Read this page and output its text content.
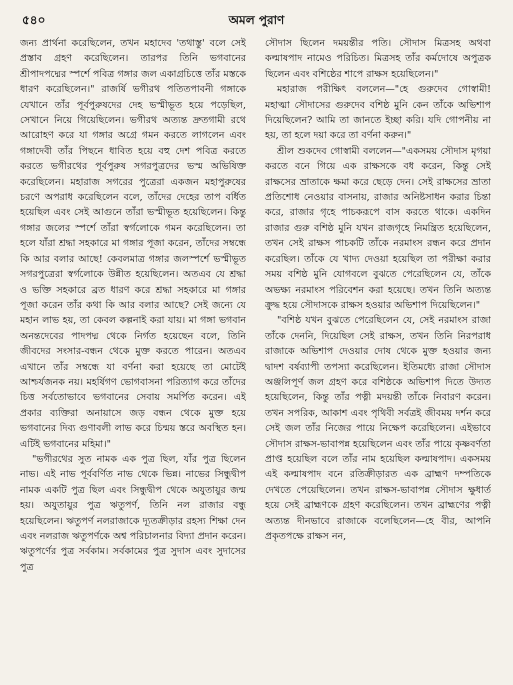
৫৪০	অমল পুরাণ

জন্য প্রার্থনা করেছিলেন, তখন মহাদেব 'তথাস্তু' বলে সেই প্রস্তাব গ্রহণ করেছিলেন। তারপর তিনি ভগবানের শ্রীপাদপদ্মের স্পর্শে পবিত্র গঙ্গার জল একাগ্রচিত্তে তাঁর মস্তকে ধারণ করেছিলেন।" রাজর্ষি ভগীরথ পতিতপাবনী গঙ্গাকে যেখানে তাঁর পূর্বপুরুষদের দেহ ভস্মীভূত হয়ে পড়েছিল, সেখানে নিয়ে গিয়েছিলেন। ভগীরথ অত্যন্ত দ্রুতগামী রথে আরোহণ করে যা গঙ্গার অগ্রে গমন করতে লাগলেন এবং গঙ্গাদেবী তাঁর পিছনে ধাবিত হয়ে বহু দেশ পবিত্র করতে করতে ভগীরথের পূর্বপুরুষ সগরপুত্রদের ভস্ম অভিষিক্ত করেছিলেন। মহারাজ সগরের পুত্রেরা একজন মহাপুরুষের চরণে অপরাধ করেছিলেন বলে, তাঁদের দেহের তাপ বর্ধিত হয়েছিল এবং সেই আগুনে তাঁরা ভস্মীভূত হয়েছিলেন। কিন্তু গঙ্গার জলের স্পর্শে তাঁরা স্বর্গলোকে গমন করেছিলেন। তা হলে যাঁরা শ্রদ্ধা সহকারে মা গঙ্গার পূজা করেন, তাঁদের সম্বন্ধে কি আর বলার আছে! কেবলমাত্র গঙ্গার জলস্পর্শে ভস্মীভূত সগরপুত্রেরা স্বর্গলোকে উন্নীত হয়েছিলেন। অতএব যে শ্রদ্ধা ও ভক্তি সহকারে ব্রত ধারণ করে শ্রদ্ধা সহকারে মা গঙ্গার পূজা করেন তাঁর কথা কি আর বলার আছে? সেই জন্যে যে মহান লাভ হয়, তা কেবল কল্পনাই করা যায়। মা গঙ্গা ভগবান অনন্তদেবের পাদপদ্ম থেকে নির্গত হয়েছেন বলে, তিনি জীবদের সংসার-বন্ধন থেকে মুক্ত করতে পারেন। অতএব এখানে তাঁর সম্বন্ধে যা বর্ণনা করা হয়েছে তা মোটেই আশ্চর্যজনক নয়। মহর্ষিগণ ভোগবাসনা পরিত্যাগ করে তাঁদের চিত্ত সর্বতোভাবে ভগবানের সেবায় সমর্পিত করেন। এই প্রকার ব্যক্তিরা অনায়াসে জড় বন্ধন থেকে মুক্ত হয়ে ভগবানের দিব্য গুণাবলী লাভ করে চিন্ময় স্তরে অবস্থিত হন। এটিই ভগবানের মহিমা।"

"ভগীরথের সুত নামক এক পুত্র ছিল, যাঁর পুত্র ছিলেন নাভ। এই নাভ পূর্ববর্ণিত নাভ থেকে ভিন্ন। নাভের সিন্ধুদ্বীপ নামক একটি পুত্র ছিল এবং সিন্ধুদ্বীপ থেকে অযুতায়ুর জন্ম হয়। অযুতায়ুর পুত্র ঋতুপর্ণ, তিনি নল রাজার বন্ধু হয়েছিলেন। ঋতুপর্ণ নলরাজাকে দ্যূতক্রীড়ার রহস্য শিক্ষা দেন এবং নলরাজ ঋতুপর্ণকে অশ্ব পরিচালনার বিদ্যা প্রদান করেন। ঋতুপর্ণের পুত্র সর্বকাম। সর্বকামের পুত্র সুদাস এবং সুদাসের পুত্র

সৌদাস ছিলেন দময়ন্তীর পতি। সৌদাস মিত্রসহ অথবা কল্মাষপাদ নামেও পরিচিত। মিত্রসহ তাঁর কর্মদোষে অপুত্রক ছিলেন এবং বশিষ্ঠের শাপে রাক্ষস হয়েছিলেন।"

মহারাজ পরীক্ষিৎ বললেন—"হে গুরুদেব গোস্বামী! মহাত্মা সৌদাসের গুরুদেব বশিষ্ঠ মুনি কেন তাঁকে অভিশাপ দিয়েছিলেন? আমি তা জানতে ইচ্ছা করি। যদি গোপনীয় না হয়, তা হলে দয়া করে তা বর্ণনা করুন।"

শ্রীল শুকদেব গোস্বামী বললেন—"একসময় সৌদাস মৃগয়া করতে বনে গিয়ে এক রাক্ষসকে বধ করেন, কিন্তু সেই রাক্ষসের ভ্রাতাকে ক্ষমা করে ছেড়ে দেন। সেই রাক্ষসের ভ্রাতা প্রতিশোধ নেওয়ার বাসনায়, রাজার অনিষ্টসাধন করার চিন্তা করে, রাজার গৃহে পাচকরূপে বাস করতে থাকে। একদিন রাজার গুরু বশিষ্ঠ মুনি যখন রাজগৃহে নিমন্ত্রিত হয়েছিলেন, তখন সেই রাক্ষস পাচকটি তাঁকে নরমাংস রন্ধন করে প্রদান করেছিল। তাঁকে যে খাদ্য দেওয়া হয়েছিল তা পরীক্ষা করার সময় বশিষ্ঠ মুনি যোগবলে বুঝতে পেরেছিলেন যে, তাঁকে অভক্ষ্য নরমাংস পরিবেশন করা হয়েছে। তখন তিনি অত্যন্ত ক্রুদ্ধ হয়ে সৌদাসকে রাক্ষস হওয়ার অভিশাপ দিয়েছিলেন।"

"বশিষ্ঠ যখন বুঝতে পেরেছিলেন যে, সেই নরমাংস রাজা তাঁকে দেননি, দিয়েছিল সেই রাক্ষস, তখন তিনি নিরপরাধ রাজাকে অভিশাপ দেওয়ার দোষ থেকে মুক্ত হওয়ার জন্য দ্বাদশ বর্ষব্যাপী তপস্যা করেছিলেন। ইতিমধ্যে রাজা সৌদাস অঞ্জলিপূর্ণ জল গ্রহণ করে বশিষ্ঠকে অভিশাপ দিতে উদ্যত হয়েছিলেন, কিন্তু তাঁর পত্নী মদয়ন্তী তাঁকে নিবারণ করেন। তখন সপরিক, আকাশ এবং পৃথিবী সর্বত্রই জীবময় দর্শন করে সেই জল তাঁর নিজের পায়ে নিক্ষেপ করেছিলেন। এইভাবে সৌদাস রাক্ষস-ভাবাপন্ন হয়েছিলেন এবং তাঁর পায়ে কৃষ্ণবর্ণতা প্রাপ্ত হয়েছিল বলে তাঁর নাম হয়েছিল কল্মাষপাদ। একসময় এই কল্মাষপাদ বনে রতিক্রীড়ারত এক ব্রাহ্মণ দম্পতিকে দেখতে পেয়েছিলেন। তখন রাক্ষস-ভাবাপন্ন সৌদাস ক্ষুধার্ত হয়ে সেই ব্রাহ্মণকে গ্রহণ করেছিলেন। তখন ব্রাহ্মণের পত্নী অত্যন্ত দীনভাবে রাজাকে বলেছিলেন—হে বীর, আপনি প্রকৃতপক্ষে রাক্ষস নন,
